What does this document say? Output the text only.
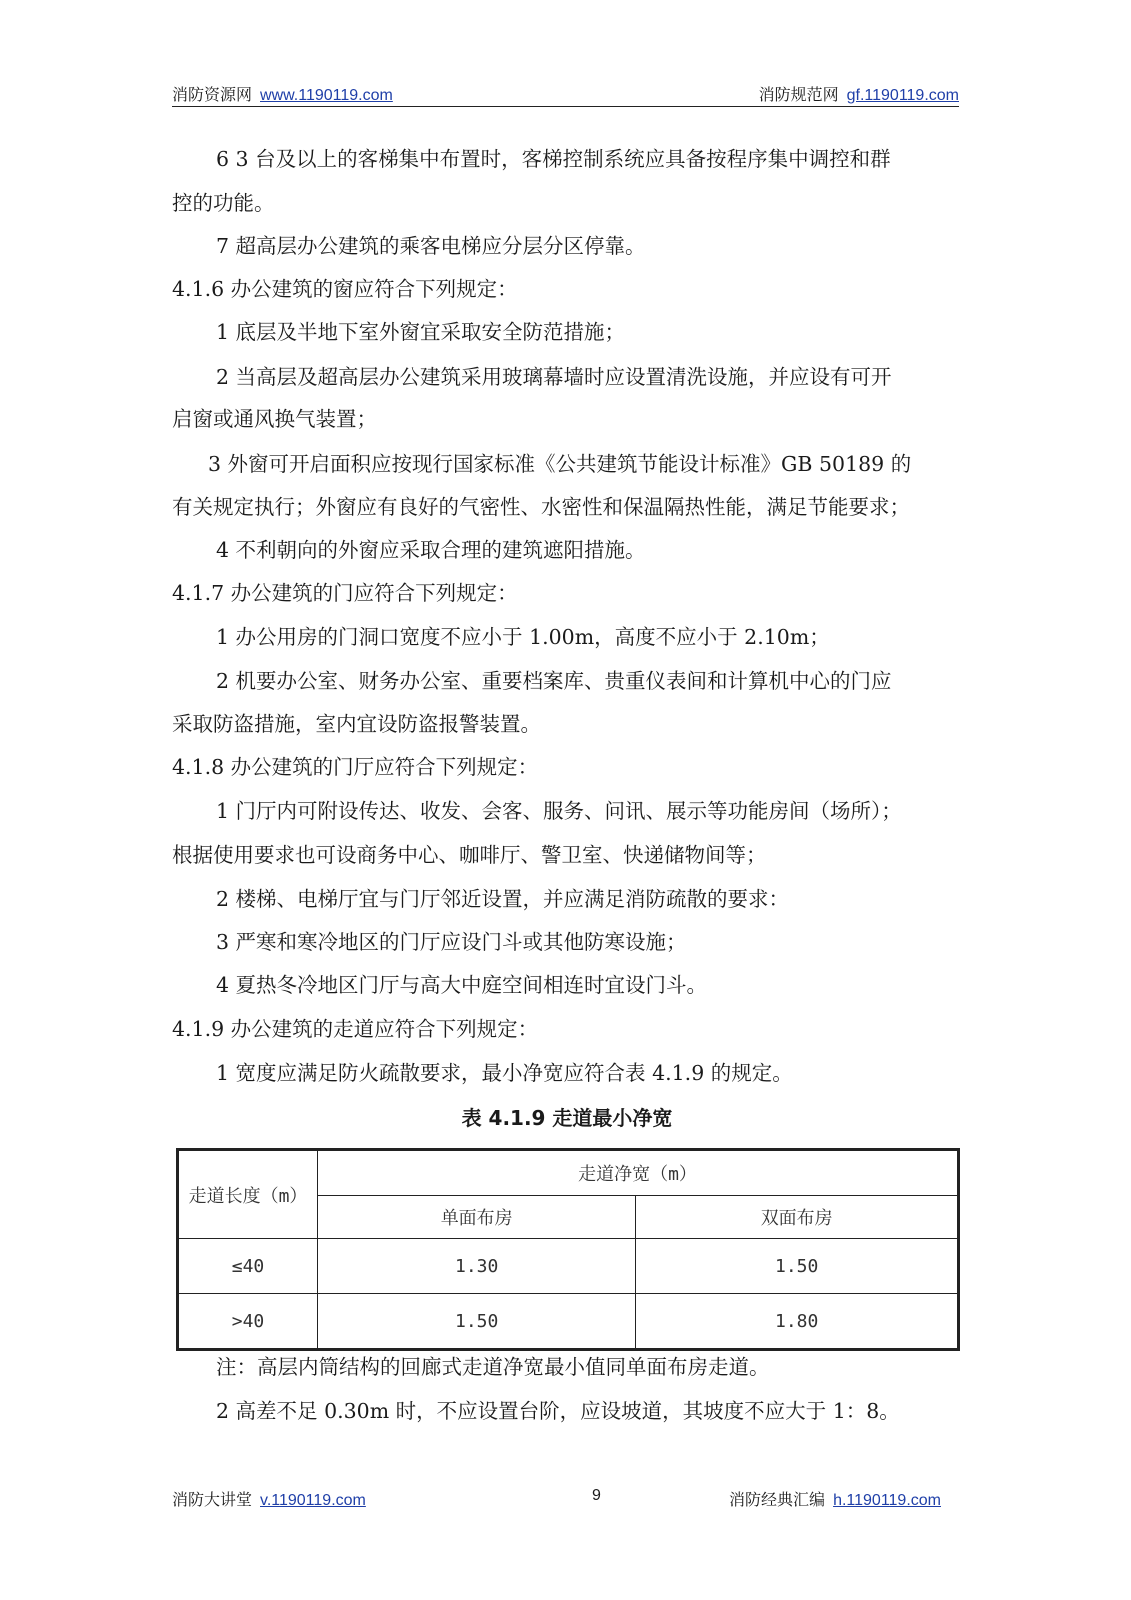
消防资源网 www.1190119.com	消防规范网 gf.1190119.com
6 3 台及以上的客梯集中布置时，客梯控制系统应具备按程序集中调控和群
控的功能。
7 超高层办公建筑的乘客电梯应分层分区停靠。
4.1.6 办公建筑的窗应符合下列规定：
1 底层及半地下室外窗宜采取安全防范措施；
2 当高层及超高层办公建筑采用玻璃幕墙时应设置清洗设施，并应设有可开
启窗或通风换气装置；
3 外窗可开启面积应按现行国家标准《公共建筑节能设计标准》GB 50189 的
有关规定执行；外窗应有良好的气密性、水密性和保温隔热性能，满足节能要求；
4 不利朝向的外窗应采取合理的建筑遮阳措施。
4.1.7 办公建筑的门应符合下列规定：
1 办公用房的门洞口宽度不应小于 1.00m，高度不应小于 2.10m；
2 机要办公室、财务办公室、重要档案库、贵重仪表间和计算机中心的门应
采取防盗措施，室内宜设防盗报警装置。
4.1.8 办公建筑的门厅应符合下列规定：
1 门厅内可附设传达、收发、会客、服务、问讯、展示等功能房间（场所）；
根据使用要求也可设商务中心、咖啡厅、警卫室、快递储物间等；
2 楼梯、电梯厅宜与门厅邻近设置，并应满足消防疏散的要求：
3 严寒和寒冷地区的门厅应设门斗或其他防寒设施；
4 夏热冬冷地区门厅与高大中庭空间相连时宜设门斗。
4.1.9 办公建筑的走道应符合下列规定：
1 宽度应满足防火疏散要求，最小净宽应符合表 4.1.9 的规定。
表 4.1.9 走道最小净宽
走道长度（m）	走道净宽（m）	
	单面布房	双面布房
≤40	1.30	1.50
>40	1.50	1.80
注：高层内筒结构的回廊式走道净宽最小值同单面布房走道。
2 高差不足 0.30m 时，不应设置台阶，应设坡道，其坡度不应大于 1：8。
消防大讲堂 v.1190119.com	9	消防经典汇编 h.1190119.com
